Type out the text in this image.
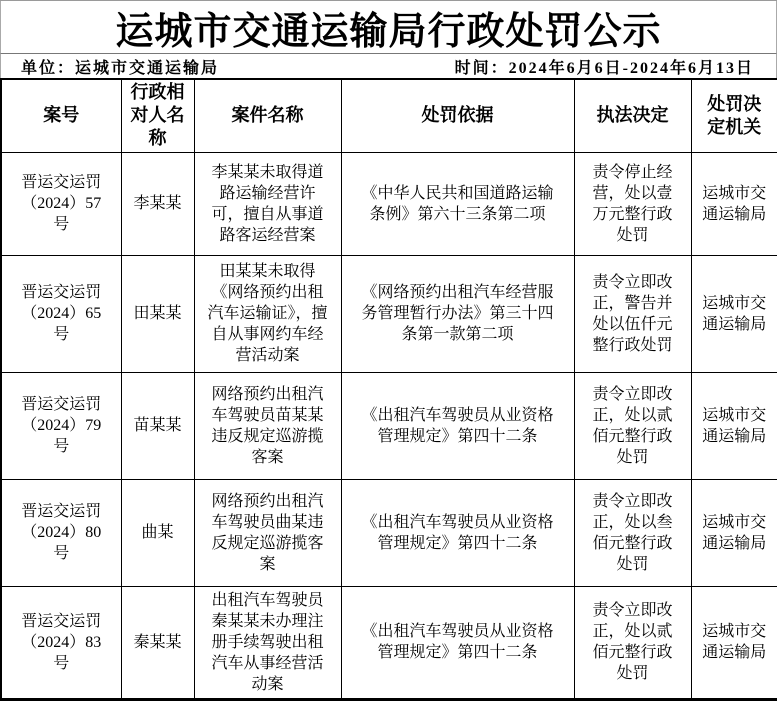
运城市交通运输局行政处罚公示
单位：运城市交通运输局	时间：2024年6月6日-2024年6月13日
案号	行政相对人名称	案件名称	处罚依据	执法决定	处罚决定机关
晋运交运罚（2024）57号	李某某	李某某未取得道路运输经营许可，擅自从事道路客运经营案	《中华人民共和国道路运输条例》第六十三条第二项	责令停止经营，处以壹万元整行政处罚	运城市交通运输局
晋运交运罚（2024）65号	田某某	田某某未取得《网络预约出租汽车运输证》，擅自从事网约车经营活动案	《网络预约出租汽车经营服务管理暂行办法》第三十四条第一款第二项	责令立即改正，警告并处以伍仟元整行政处罚	运城市交通运输局
晋运交运罚（2024）79号	苗某某	网络预约出租汽车驾驶员苗某某违反规定巡游揽客案	《出租汽车驾驶员从业资格管理规定》第四十二条	责令立即改正，处以贰佰元整行政处罚	运城市交通运输局
晋运交运罚（2024）80号	曲某	网络预约出租汽车驾驶员曲某违反规定巡游揽客案	《出租汽车驾驶员从业资格管理规定》第四十二条	责令立即改正，处以叁佰元整行政处罚	运城市交通运输局
晋运交运罚（2024）83号	秦某某	出租汽车驾驶员秦某某未办理注册手续驾驶出租汽车从事经营活动案	《出租汽车驾驶员从业资格管理规定》第四十二条	责令立即改正，处以贰佰元整行政处罚	运城市交通运输局
